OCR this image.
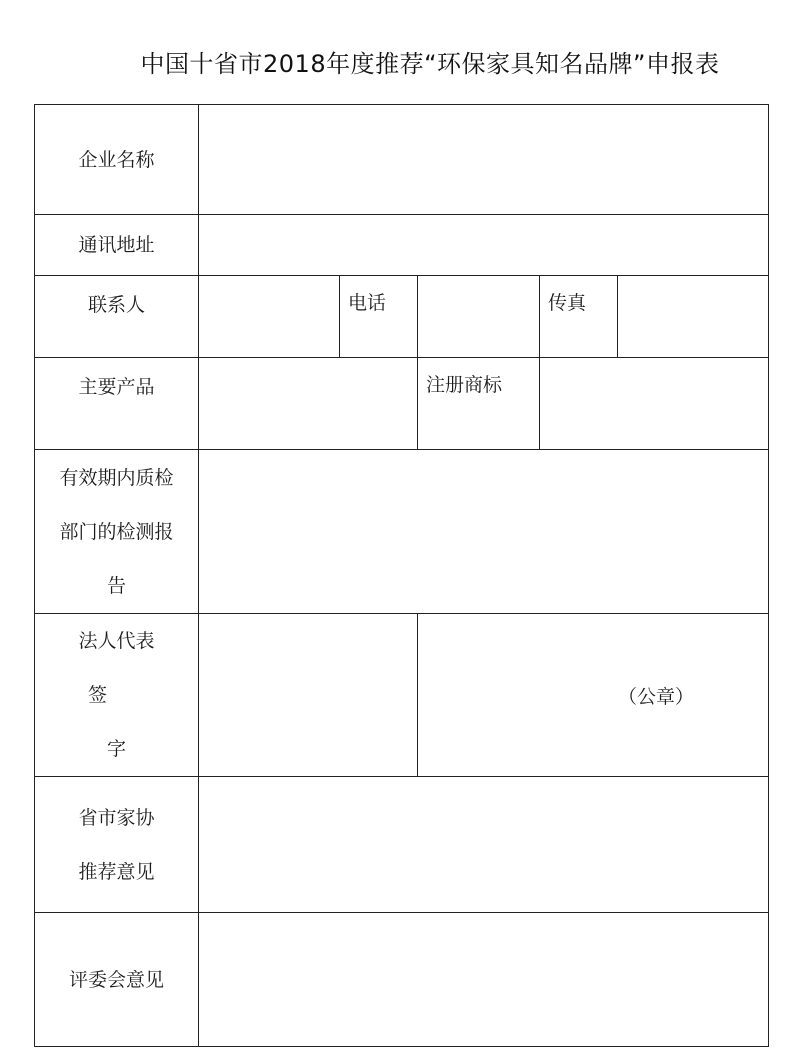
中国十省市2018年度推荐“环保家具知名品牌”申报表
企业名称					
通讯地址					
联系人		电话		传真	

主要产品			注册商标		

有效期内质检
部门的检测报
告					

法人代表
签
字			（公章）		

省市家协
推荐意见					

评委会意见					
